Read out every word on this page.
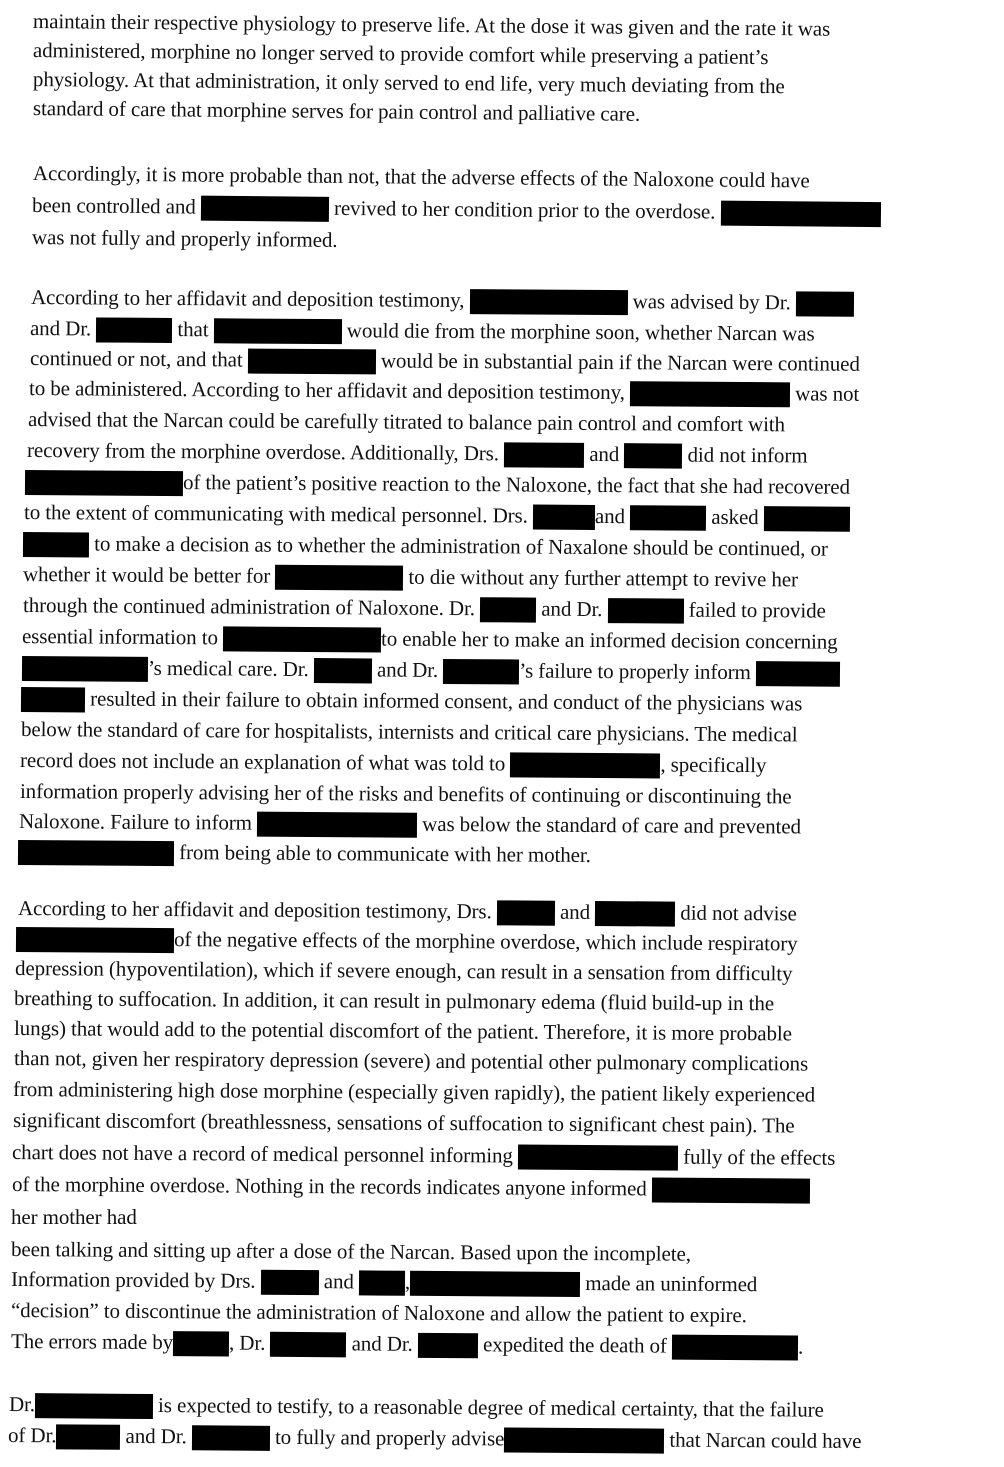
maintain their respective physiology to preserve life. At the dose it was given and the rate it was
administered, morphine no longer served to provide comfort while preserving a patient’s
physiology. At that administration, it only served to end life, very much deviating from the
standard of care that morphine serves for pain control and palliative care.
Accordingly, it is more probable than not, that the adverse effects of the Naloxone could have
been controlled and	revived to her condition prior to the overdose.
was not fully and properly informed.
According to her affidavit and deposition testimony,	was advised by Dr.
and Dr.	that	would die from the morphine soon, whether Narcan was
continued or not, and that	would be in substantial pain if the Narcan were continued
to be administered. According to her affidavit and deposition testimony,	was not
advised that the Narcan could be carefully titrated to balance pain control and comfort with
recovery from the morphine overdose. Additionally, Drs.	and	did not inform
of the patient’s positive reaction to the Naloxone, the fact that she had recovered
to the extent of communicating with medical personnel. Drs.	and	asked
to make a decision as to whether the administration of Naxalone should be continued, or
whether it would be better for	to die without any further attempt to revive her
through the continued administration of Naloxone. Dr.	and Dr.	failed to provide
essential information to	to enable her to make an informed decision concerning
’s medical care. Dr.	and Dr.	’s failure to properly inform
resulted in their failure to obtain informed consent, and conduct of the physicians was
below the standard of care for hospitalists, internists and critical care physicians. The medical
record does not include an explanation of what was told to	, specifically
information properly advising her of the risks and benefits of continuing or discontinuing the
Naloxone. Failure to inform	was below the standard of care and prevented
from being able to communicate with her mother.
According to her affidavit and deposition testimony, Drs.	and	did not advise
of the negative effects of the morphine overdose, which include respiratory
depression (hypoventilation), which if severe enough, can result in a sensation from difficulty
breathing to suffocation. In addition, it can result in pulmonary edema (fluid build-up in the
lungs) that would add to the potential discomfort of the patient. Therefore, it is more probable
than not, given her respiratory depression (severe) and potential other pulmonary complications
from administering high dose morphine (especially given rapidly), the patient likely experienced
significant discomfort (breathlessness, sensations of suffocation to significant chest pain). The
chart does not have a record of medical personnel informing	fully of the effects
of the morphine overdose. Nothing in the records indicates anyone informed
her mother had
been talking and sitting up after a dose of the Narcan. Based upon the incomplete,
Information provided by Drs.	and ,	made an uninformed
“decision” to discontinue the administration of Naloxone and allow the patient to expire.
The errors made by	, Dr.	and Dr.	expedited the death of	.
Dr.	is expected to testify, to a reasonable degree of medical certainty, that the failure
of Dr.	and Dr.	to fully and properly advise	that Narcan could have
